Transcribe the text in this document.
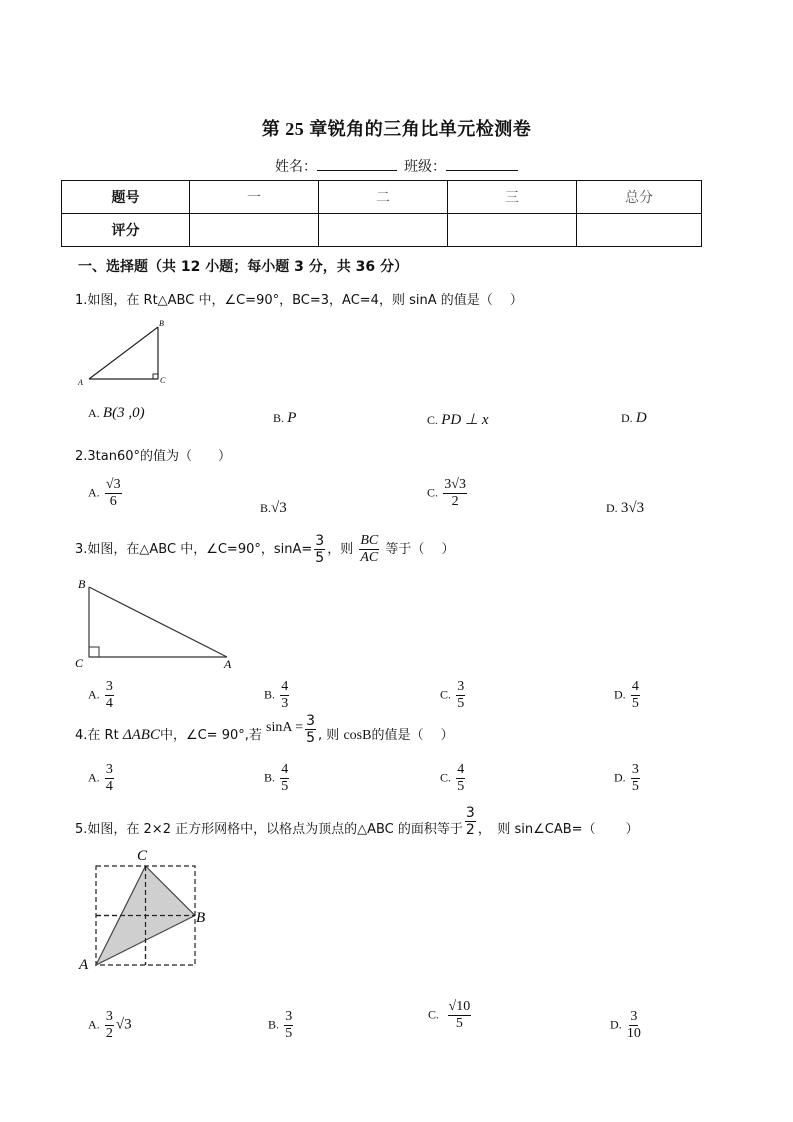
第 25 章锐角的三角比单元检测卷
姓名：	班级：
题号	一	二	三	总分
评分				
一、选择题（共 12 小题；每小题 3 分，共 36 分）
1.如图，在 Rt△ABC 中，∠C=90°，BC=3，AC=4，则 sinA 的值是（　 ）
A
B
C
A. B(3 ,0)	B. P	C. PD ⊥ x	D. D
2.3tan60°的值为（　　）
A. $\frac{√3}{6}$	B.√3
C. $\frac{3√3}{2}$	D. 3√3
3.如图，在△ABC 中，∠C=90°，$\sin A= \frac{3}{5}$ ，则 $\frac{BC}{AC}$ 等于（　 ）
B
C	A
A. $\frac{3}{4}$	B. $\frac{4}{3}$	C. $\frac{3}{5}$	D. $\frac{4}{5}$
4.在 Rt ΔABC中，∠C= 90°,若 $\sin A = \frac{3}{5}$ , 则 cosB的值是（　 ）
A. $\frac{3}{4}$	B. $\frac{4}{5}$	C. $\frac{4}{5}$	D. $\frac{3}{5}$
5.如图，在 2×2 正方形网格中，以格点为顶点的△ABC 的面积等于 $\frac{3}{2}$ ，　则 sin∠CAB=（　　 ）
C
B
A
A. $\frac{3}{2} √3$	B. $\frac{3}{5}$	C. $\frac{√10}{5}$	D. $\frac{3}{10}$
